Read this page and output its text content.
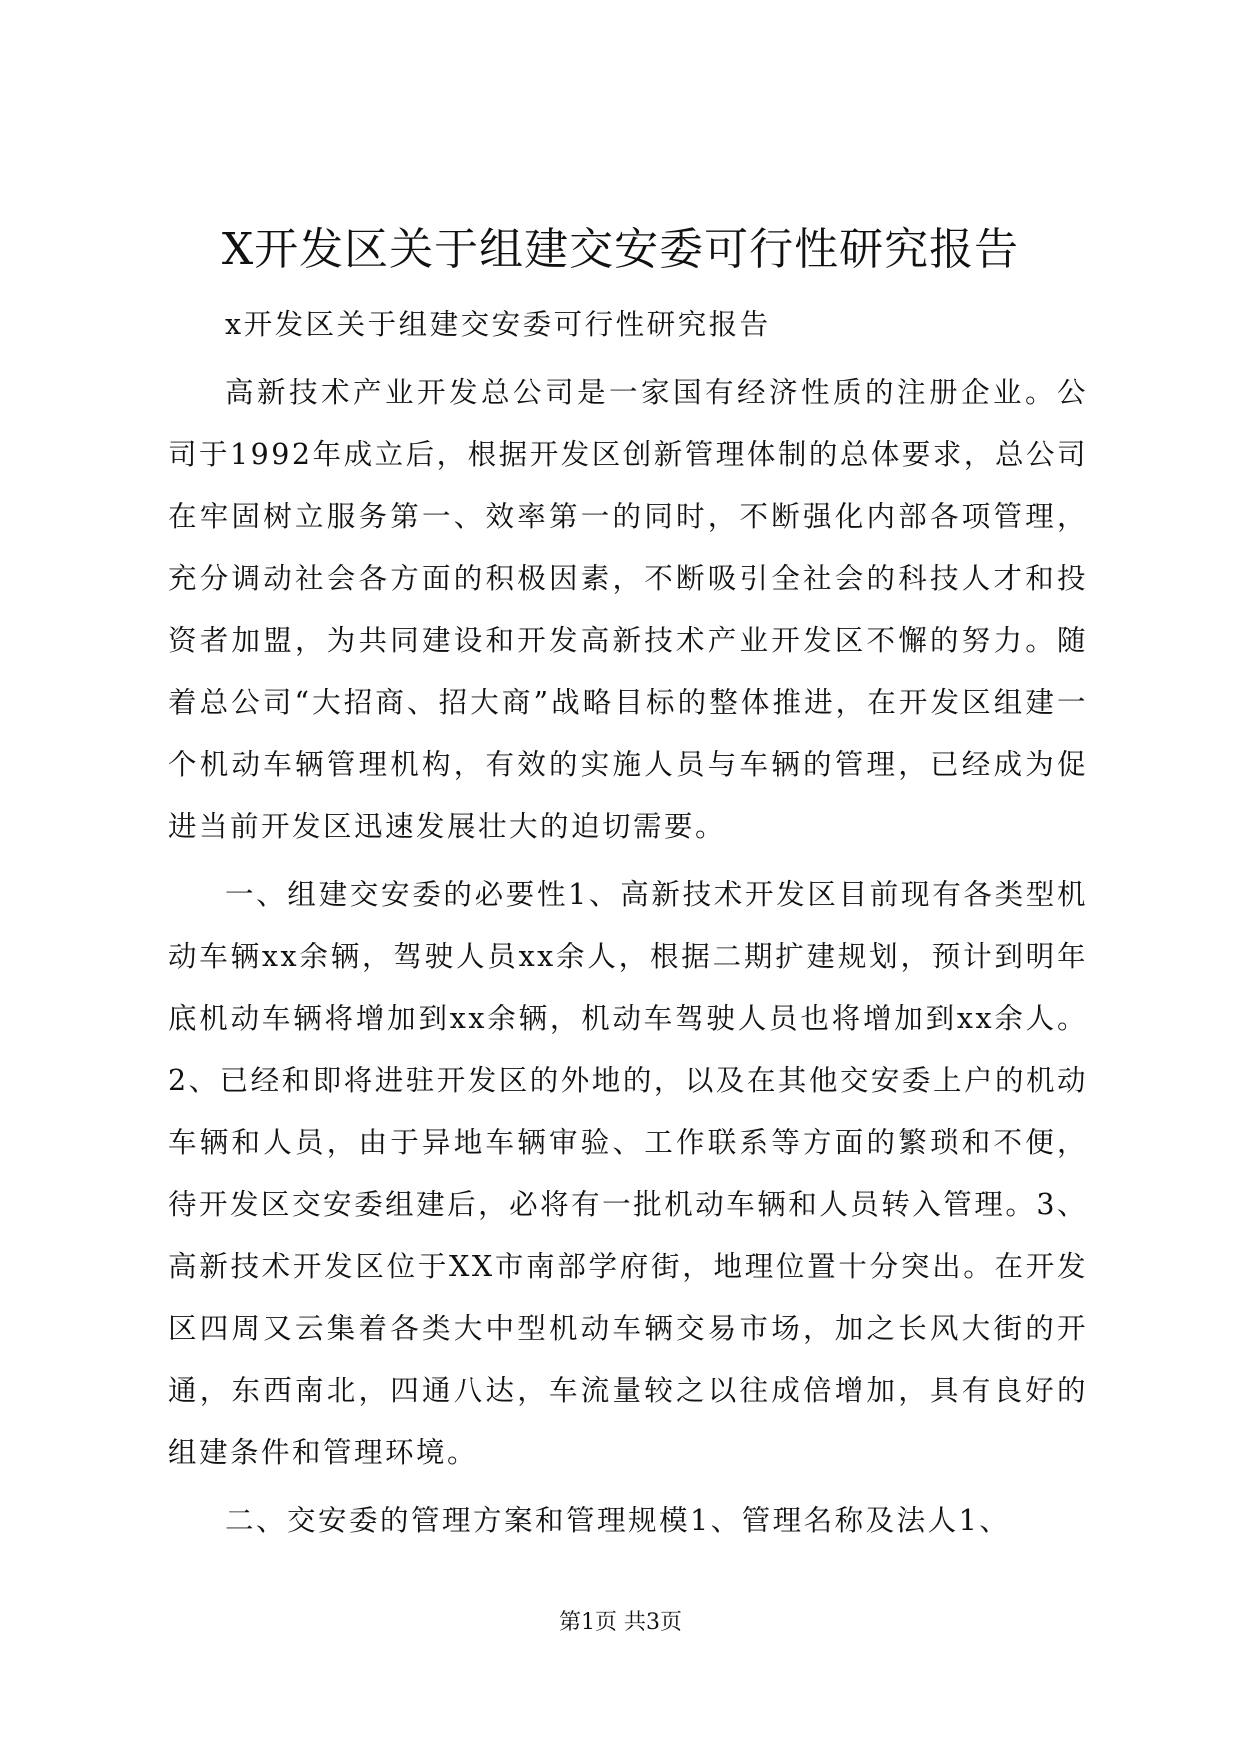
X开发区关于组建交安委可行性研究报告

x开发区关于组建交安委可行性研究报告

高新技术产业开发总公司是一家国有经济性质的注册企业。公司于1992年成立后，根据开发区创新管理体制的总体要求，总公司在牢固树立服务第一、效率第一的同时，不断强化内部各项管理，充分调动社会各方面的积极因素，不断吸引全社会的科技人才和投资者加盟，为共同建设和开发高新技术产业开发区不懈的努力。随着总公司“大招商、招大商”战略目标的整体推进，在开发区组建一个机动车辆管理机构，有效的实施人员与车辆的管理，已经成为促进当前开发区迅速发展壮大的迫切需要。

一、组建交安委的必要性1、高新技术开发区目前现有各类型机动车辆xx余辆，驾驶人员xx余人，根据二期扩建规划，预计到明年底机动车辆将增加到xx余辆，机动车驾驶人员也将增加到xx余人。2、已经和即将进驻开发区的外地的，以及在其他交安委上户的机动车辆和人员，由于异地车辆审验、工作联系等方面的繁琐和不便，待开发区交安委组建后，必将有一批机动车辆和人员转入管理。3、高新技术开发区位于XX市南部学府街，地理位置十分突出。在开发区四周又云集着各类大中型机动车辆交易市场，加之长风大街的开通，东西南北，四通八达，车流量较之以往成倍增加，具有良好的组建条件和管理环境。

二、交安委的管理方案和管理规模1、管理名称及法人1、

第1页 共3页
